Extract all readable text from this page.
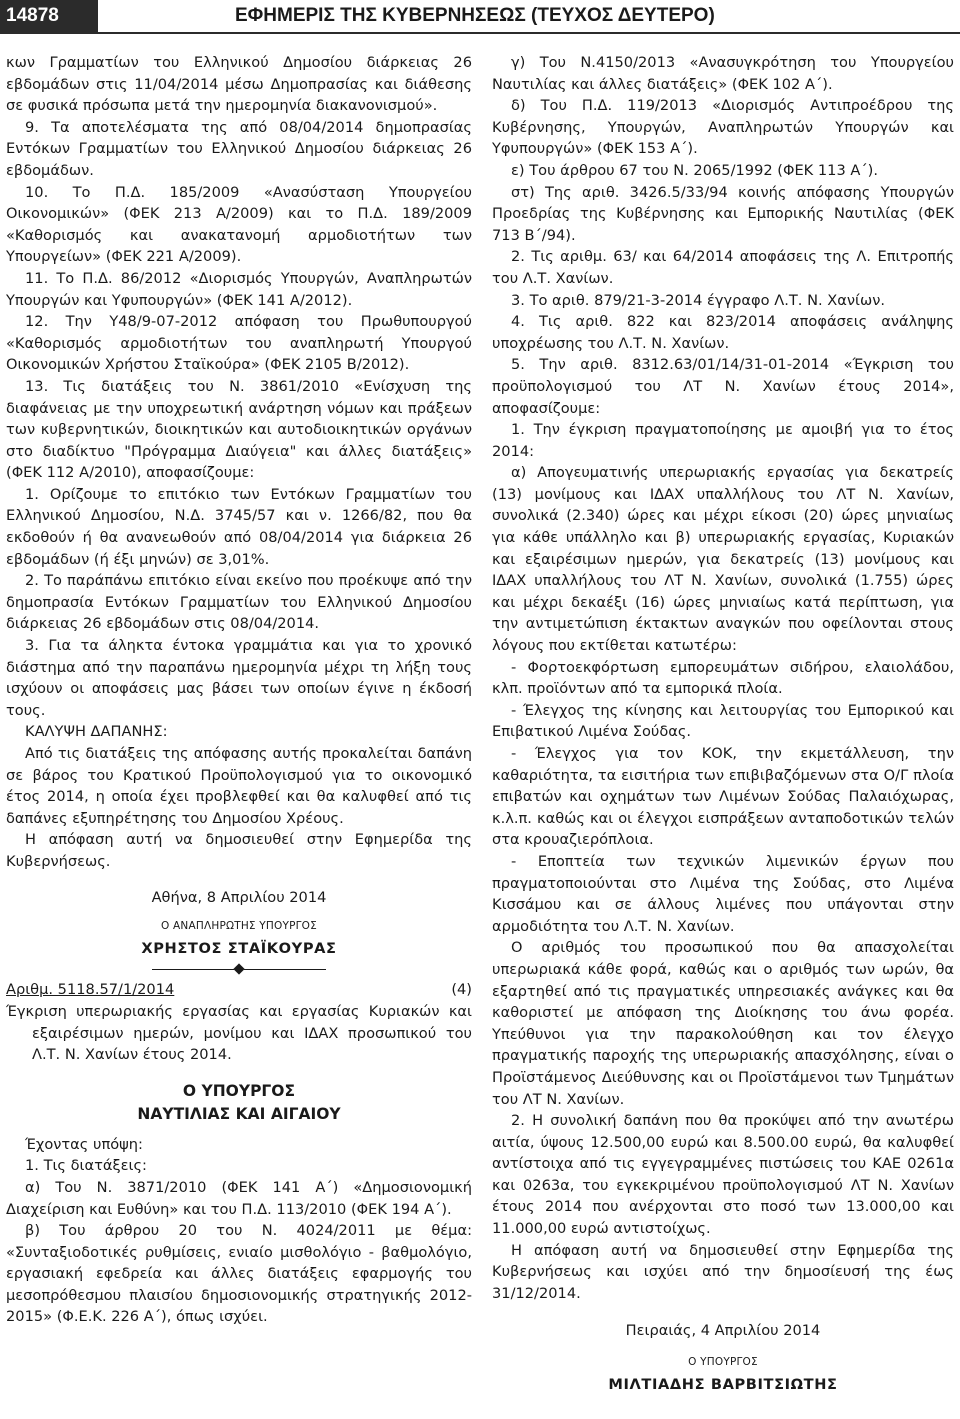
14878	ΕΦΗΜΕΡΙΣ ΤΗΣ ΚΥΒΕΡΝΗΣΕΩΣ (ΤΕΥΧΟΣ ΔΕΥΤΕΡΟ)

κων Γραμματίων του Ελληνικού Δημοσίου διάρκειας 26 εβδομάδων στις 11/04/2014 μέσω Δημοπρασίας και διάθεσης σε φυσικά πρόσωπα μετά την ημερομηνία διακανονισμού».

9. Τα αποτελέσματα της από 08/04/2014 δημοπρασίας Εντόκων Γραμματίων του Ελληνικού Δημοσίου διάρκειας 26 εβδομάδων.

10. Το Π.Δ. 185/2009 «Ανασύσταση Υπουργείου Οικονομικών» (ΦΕΚ 213 Α/2009) και το Π.Δ. 189/2009 «Καθορισμός και ανακατανομή αρμοδιοτήτων των Υπουργείων» (ΦΕΚ 221 Α/2009).

11. Το Π.Δ. 86/2012 «Διορισμός Υπουργών, Αναπληρωτών Υπουργών και Υφυπουργών» (ΦΕΚ 141 Α/2012).

12. Την Υ48/9-07-2012 απόφαση του Πρωθυπουργού «Καθορισμός αρμοδιοτήτων του αναπληρωτή Υπουργού Οικονομικών Χρήστου Σταϊκούρα» (ΦΕΚ 2105 Β/2012).

13. Τις διατάξεις του Ν. 3861/2010 «Ενίσχυση της διαφάνειας με την υποχρεωτική ανάρτηση νόμων και πράξεων των κυβερνητικών, διοικητικών και αυτοδιοικητικών οργάνων στο διαδίκτυο "Πρόγραμμα Διαύγεια" και άλλες διατάξεις» (ΦΕΚ 112 Α/2010), αποφασίζουμε:

1. Ορίζουμε το επιτόκιο των Εντόκων Γραμματίων του Ελληνικού Δημοσίου, Ν.Δ. 3745/57 και ν. 1266/82, που θα εκδοθούν ή θα ανανεωθούν από 08/04/2014 για διάρκεια 26 εβδομάδων (ή έξι μηνών) σε 3,01%.

2. Το παράπάνω επιτόκιο είναι εκείνο που προέκυψε από την δημοπρασία Εντόκων Γραμματίων του Ελληνικού Δημοσίου διάρκειας 26 εβδομάδων στις 08/04/2014.

3. Για τα άληκτα έντοκα γραμμάτια και για το χρονικό διάστημα από την παραπάνω ημερομηνία μέχρι τη λήξη τους ισχύουν οι αποφάσεις μας βάσει των οποίων έγινε η έκδοσή τους.

ΚΑΛΥΨΗ ΔΑΠΑΝΗΣ:

Από τις διατάξεις της απόφασης αυτής προκαλείται δαπάνη σε βάρος του Κρατικού Προϋπολογισμού για το οικονομικό έτος 2014, η οποία έχει προβλεφθεί και θα καλυφθεί από τις δαπάνες εξυπηρέτησης του Δημοσίου Χρέους.

Η απόφαση αυτή να δημοσιευθεί στην Εφημερίδα της Κυβερνήσεως.

Αθήνα, 8 Απριλίου 2014

Ο ΑΝΑΠΛΗΡΩΤΗΣ ΥΠΟΥΡΓΟΣ

ΧΡΗΣΤΟΣ ΣΤΑΪΚΟΥΡΑΣ

Αριθμ. 5118.57/1/2014	(4)

Έγκριση υπερωριακής εργασίας και εργασίας Κυριακών και εξαιρέσιμων ημερών, μονίμου και ΙΔΑΧ προσωπικού του Λ.Τ. Ν. Χανίων έτους 2014.

Ο ΥΠΟΥΡΓΟΣ

ΝΑΥΤΙΛΙΑΣ ΚΑΙ ΑΙΓΑΙΟΥ

Έχοντας υπόψη:

1. Τις διατάξεις:

α) Του Ν. 3871/2010 (ΦΕΚ 141 Α΄) «Δημοσιονομική Διαχείριση και Ευθύνη» και του Π.Δ. 113/2010 (ΦΕΚ 194 Α΄).

β) Του άρθρου 20 του Ν. 4024/2011 με θέμα: «Συνταξιοδοτικές ρυθμίσεις, ενιαίο μισθολόγιο - βαθμολόγιο, εργασιακή εφεδρεία και άλλες διατάξεις εφαρμογής του μεσοπρόθεσμου πλαισίου δημοσιονομικής στρατηγικής 2012-2015» (Φ.Ε.Κ. 226 Α΄), όπως ισχύει.

γ) Του Ν.4150/2013 «Ανασυγκρότηση του Υπουργείου Ναυτιλίας και άλλες διατάξεις» (ΦΕΚ 102 Α΄).

δ) Του Π.Δ. 119/2013 «Διορισμός Αντιπροέδρου της Κυβέρνησης, Υπουργών, Αναπληρωτών Υπουργών και Υφυπουργών» (ΦΕΚ 153 Α΄).

ε) Του άρθρου 67 του Ν. 2065/1992 (ΦΕΚ 113 Α΄).

στ) Της αριθ. 3426.5/33/94 κοινής απόφασης Υπουργών Προεδρίας της Κυβέρνησης και Εμπορικής Ναυτιλίας (ΦΕΚ 713 Β΄/94).

2. Τις αριθμ. 63/ και 64/2014 αποφάσεις της Λ. Επιτροπής του Λ.Τ. Χανίων.

3. Το αριθ. 879/21-3-2014 έγγραφο Λ.Τ. Ν. Χανίων.

4. Τις αριθ. 822 και 823/2014 αποφάσεις ανάληψης υποχρέωσης του Λ.Τ. Ν. Χανίων.

5. Την αριθ. 8312.63/01/14/31-01-2014 «Έγκριση του προϋπολογισμού του ΛΤ Ν. Χανίων έτους 2014», αποφασίζουμε:

1. Την έγκριση πραγματοποίησης με αμοιβή για το έτος 2014:

α) Απογευματινής υπερωριακής εργασίας για δεκατρείς (13) μονίμους και ΙΔΑΧ υπαλλήλους του ΛΤ Ν. Χανίων, συνολικά (2.340) ώρες και μέχρι είκοσι (20) ώρες μηνιαίως για κάθε υπάλληλο και β) υπερωριακής εργασίας, Κυριακών και εξαιρέσιμων ημερών, για δεκατρείς (13) μονίμους και ΙΔΑΧ υπαλλήλους του ΛΤ Ν. Χανίων, συνολικά (1.755) ώρες και μέχρι δεκαέξι (16) ώρες μηνιαίως κατά περίπτωση, για την αντιμετώπιση έκτακτων αναγκών που οφείλονται στους λόγους που εκτίθεται κατωτέρω:

- Φορτοεκφόρτωση εμπορευμάτων σιδήρου, ελαιολάδου, κλπ. προϊόντων από τα εμπορικά πλοία.

- Έλεγχος της κίνησης και λειτουργίας του Εμπορικού και Επιβατικού Λιμένα Σούδας.

- Έλεγχος για τον ΚΟΚ, την εκμετάλλευση, την καθαριότητα, τα εισιτήρια των επιβιβαζόμενων στα Ο/Γ πλοία επιβατών και οχημάτων των Λιμένων Σούδας Παλαιόχωρας, κ.λ.π. καθώς και οι έλεγχοι εισπράξεων ανταποδοτικών τελών στα κρουαζιερόπλοια.

- Εποπτεία των τεχνικών λιμενικών έργων που πραγματοποιούνται στο Λιμένα της Σούδας, στο Λιμένα Κισσάμου και σε άλλους λιμένες που υπάγονται στην αρμοδιότητα του Λ.Τ. Ν. Χανίων.

Ο αριθμός του προσωπικού που θα απασχολείται υπερωριακά κάθε φορά, καθώς και ο αριθμός των ωρών, θα εξαρτηθεί από τις πραγματικές υπηρεσιακές ανάγκες και θα καθοριστεί με απόφαση της Διοίκησης του άνω φορέα. Υπεύθυνοι για την παρακολούθηση και τον έλεγχο πραγματικής παροχής της υπερωριακής απασχόλησης, είναι ο Προϊστάμενος Διεύθυνσης και οι Προϊστάμενοι των Τμημάτων του ΛΤ Ν. Χανίων.

2. Η συνολική δαπάνη που θα προκύψει από την ανωτέρω αιτία, ύψους 12.500,00 ευρώ και 8.500.00 ευρώ, θα καλυφθεί αντίστοιχα από τις εγγεγραμμένες πιστώσεις του ΚΑΕ 0261α και 0263α, του εγκεκριμένου προϋπολογισμού ΛΤ Ν. Χανίων έτους 2014 που ανέρχονται στο ποσό των 13.000,00 και 11.000,00 ευρώ αντιστοίχως.

Η απόφαση αυτή να δημοσιευθεί στην Εφημερίδα της Κυβερνήσεως και ισχύει από την δημοσίευσή της έως 31/12/2014.

Πειραιάς, 4 Απριλίου 2014

Ο ΥΠΟΥΡΓΟΣ

ΜΙΛΤΙΑΔΗΣ ΒΑΡΒΙΤΣΙΩΤΗΣ
